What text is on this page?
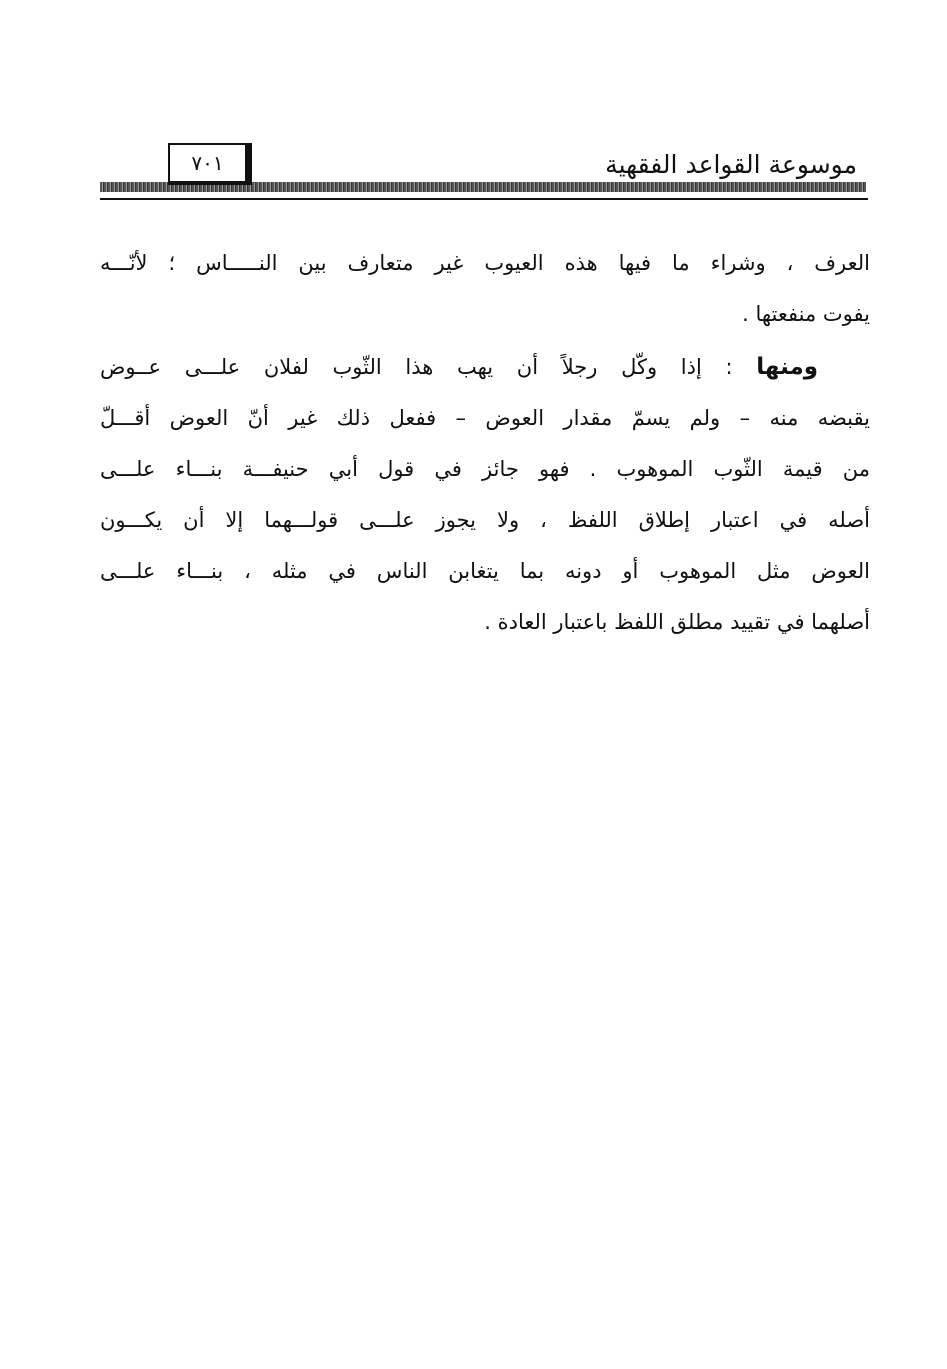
موسوعة القواعد الفقهية
٧٠١
العرف ، وشراء ما فيها هذه العيوب غير متعارف بين النـــــاس ؛ لأنّـــه
يفوت منفعتها .
ومنها : إذا وكّل رجلاً أن يهب هذا الثّوب لفلان علـــى عــوض
يقبضه منه – ولم يسمّ مقدار العوض – ففعل ذلك غير أنّ العوض أقـــلّ
من قيمة الثّوب الموهوب . فهو جائز في قول أبي حنيفـــة بنـــاء علـــى
أصله في اعتبار إطلاق اللفظ ، ولا يجوز علـــى قولـــهما إلا أن يكـــون
العوض مثل الموهوب أو دونه بما يتغابن الناس في مثله ، بنـــاء علـــى
أصلهما في تقييد مطلق اللفظ باعتبار العادة .
